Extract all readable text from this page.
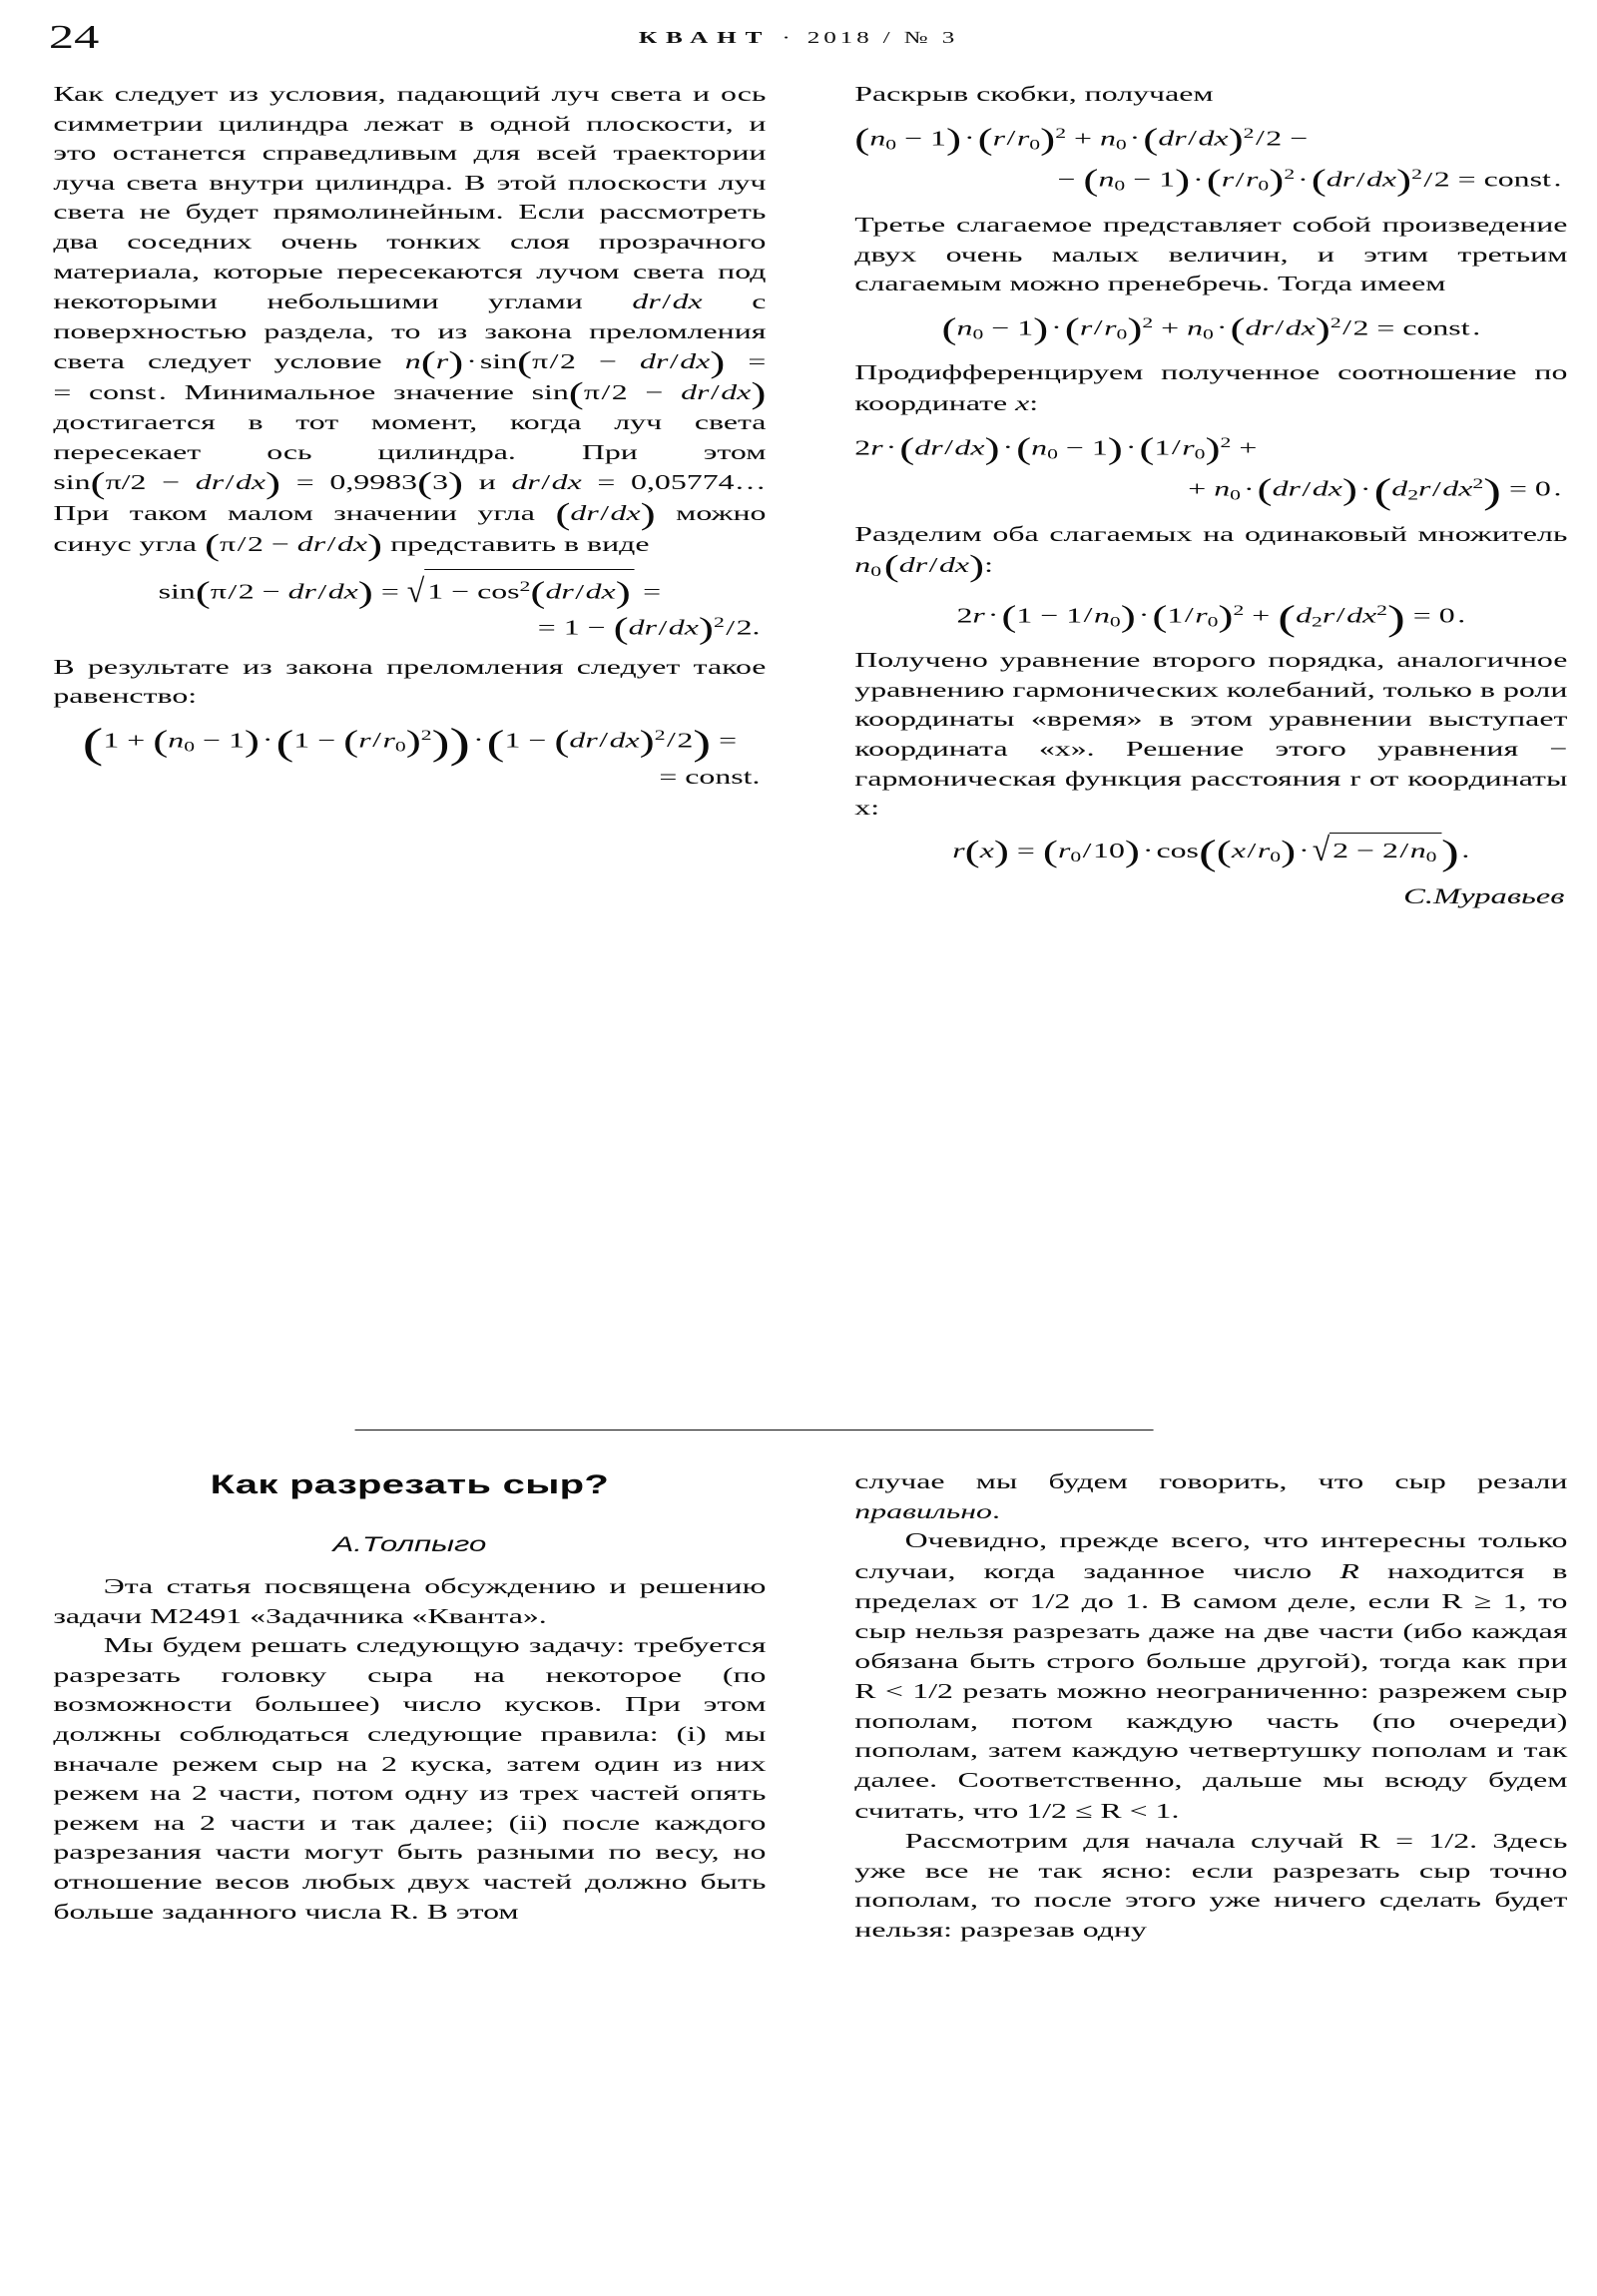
24	КВАНТ · 2018 / № 3

Как следует из условия, падающий луч света и ось симметрии цилиндра лежат в одной плоскости, и это останется справедливым для всей траектории луча света внутри цилиндра. В этой плоскости луч света не будет прямолинейным. Если рассмотреть два соседних очень тонких слоя прозрачного материала, которые пересекаются лучом света под некоторыми небольшими углами dr/dx с поверхностью раздела, то из закона преломления света следует условие n(r) · sin(π/2 − dr/dx) = = const . Минимальное значение sin(π/2 − dr/dx) достигается в тот момент, когда луч света пересекает ось цилиндра. При этом sin(π/2 − dr/dx) = 0,9983(3) и dr/dx = 0,05774… При таком малом значении угла (dr/dx) можно синус угла (π/2 − dr/dx) представить в виде

sin(π/2 − dr/dx) = √ $1 - \cos^2(dr/dx)$ =
= $1 - (dr/dx)^2/2$.

В результате из закона преломления следует такое равенство:

$(1 + (n0 - 1) \cdot(1 - (r/r0)^2)) \cdot(1 - (dr/dx)^2/2)$ =
= const.

Раскрыв скобки, получаем

$(n0 - 1) \cdot(r/r0)^2 + n0 \cdot(dr/dx)^2/2$ −
− $(n0 - 1) \cdot(r/r0)^2 \cdot(dr/dx)^2/2$ = const .

Третье слагаемое представляет собой произведение двух очень малых величин, и этим третьим слагаемым можно пренебречь. Тогда имеем

$(n0 - 1) \cdot(r/r0)^2 + n0 \cdot(dr/dx)^2/2$ = const .

Продифференцируем полученное соотношение по координате x:

$2r \cdot(dr/dx) \cdot(n0 - 1) \cdot(1/r0)^2$ +
+ $n0 \cdot(dr/dx) \cdot(d2r/dx^2) = 0$ .

Разделим оба слагаемых на одинаковый множитель n0 (dr/dx):

$2r \cdot(1 - 1/n0) \cdot(1/r0)^2 + (d2r/dx^2) = 0$ .

Получено уравнение второго порядка, аналогичное уравнению гармонических колебаний, только в роли координаты «время» в этом уравнении выступает координата «x». Решение этого уравнения − гармоническая функция расстояния r от координаты x:

r(x) = (r0/10) · cos((x/r0) · √ 2 − 2/n0 ) .

С.Муравьев

Как разрезать сыр?
А.Толпыго

Эта статья посвящена обсуждению и решению задачи М2491 «Задачника «Кванта».

Мы будем решать следующую задачу: требуется разрезать головку сыра на некоторое (по возможности большее) число кусков. При этом должны соблюдаться следующие правила: (i) мы вначале режем сыр на 2 куска, затем один из них режем на 2 части, потом одну из трех частей опять режем на 2 части и так далее; (ii) после каждого разрезания части могут быть разными по весу, но отношение весов любых двух частей должно быть больше заданного числа R. В этом

случае мы будем говорить, что сыр резали правильно.

Очевидно, прежде всего, что интересны только случаи, когда заданное число R находится в пределах от 1/2 до 1. В самом деле, если R ≥ 1, то сыр нельзя разрезать даже на две части (ибо каждая обязана быть строго больше другой), тогда как при R < 1/2 резать можно неограниченно: разрежем сыр пополам, потом каждую часть (по очереди) пополам, затем каждую четвертушку пополам и так далее. Соответственно, дальше мы всюду будем считать, что 1/2 ≤ R < 1.

Рассмотрим для начала случай R = 1/2. Здесь уже все не так ясно: если разрезать сыр точно пополам, то после этого уже ничего сделать будет нельзя: разрезав одну
